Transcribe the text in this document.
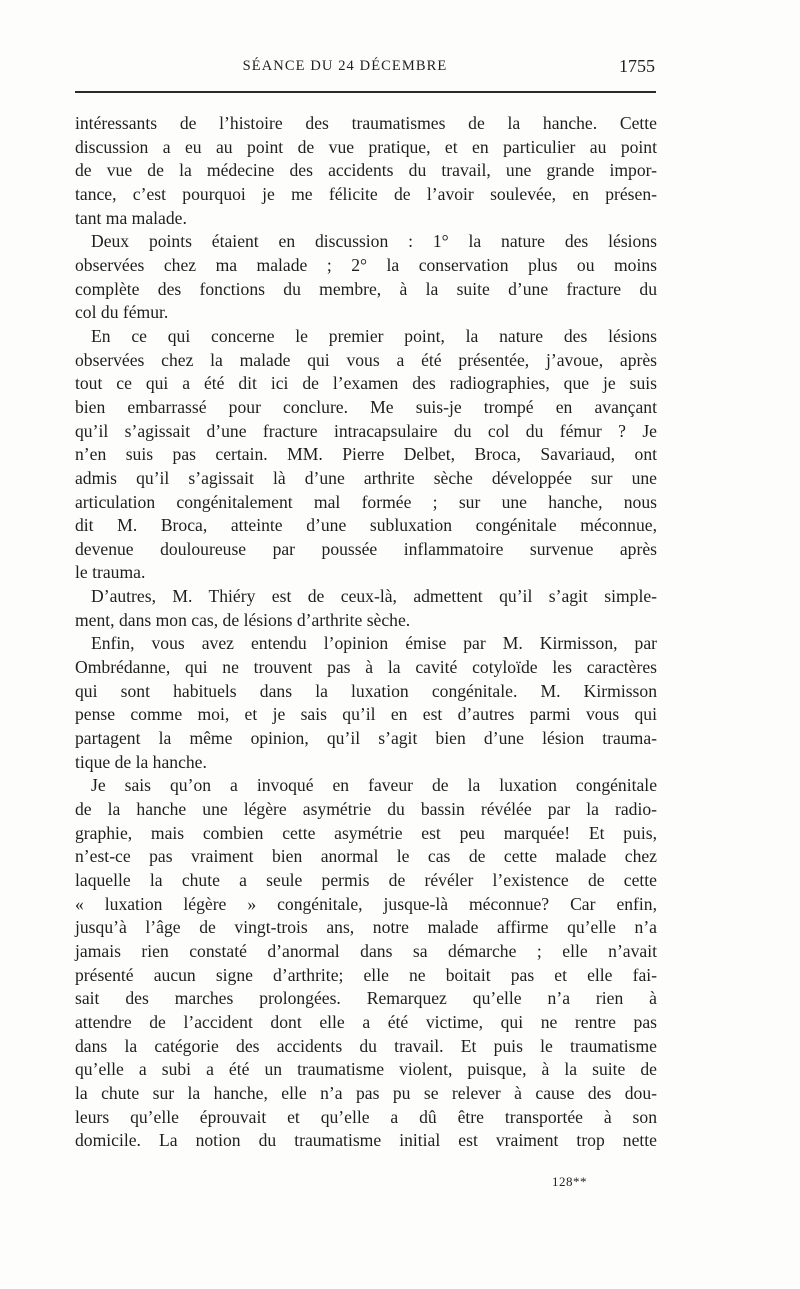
SÉANCE DU 24 DÉCEMBRE	1755
intéressants de l’histoire des traumatismes de la hanche. Cette
discussion a eu au point de vue pratique, et en particulier au point
de vue de la médecine des accidents du travail, une grande impor-
tance, c’est pourquoi je me félicite de l’avoir soulevée, en présen-
tant ma malade.
Deux points étaient en discussion : 1° la nature des lésions
observées chez ma malade ; 2° la conservation plus ou moins
complète des fonctions du membre, à la suite d’une fracture du
col du fémur.
En ce qui concerne le premier point, la nature des lésions
observées chez la malade qui vous a été présentée, j’avoue, après
tout ce qui a été dit ici de l’examen des radiographies, que je suis
bien embarrassé pour conclure. Me suis-je trompé en avançant
qu’il s’agissait d’une fracture intracapsulaire du col du fémur ? Je
n’en suis pas certain. MM. Pierre Delbet, Broca, Savariaud, ont
admis qu’il s’agissait là d’une arthrite sèche développée sur une
articulation congénitalement mal formée ; sur une hanche, nous
dit M. Broca, atteinte d’une subluxation congénitale méconnue,
devenue douloureuse par poussée inflammatoire survenue après
le trauma.
D’autres, M. Thiéry est de ceux-là, admettent qu’il s’agit simple-
ment, dans mon cas, de lésions d’arthrite sèche.
Enfin, vous avez entendu l’opinion émise par M. Kirmisson, par
Ombrédanne, qui ne trouvent pas à la cavité cotyloïde les caractères
qui sont habituels dans la luxation congénitale. M. Kirmisson
pense comme moi, et je sais qu’il en est d’autres parmi vous qui
partagent la même opinion, qu’il s’agit bien d’une lésion trauma-
tique de la hanche.
Je sais qu’on a invoqué en faveur de la luxation congénitale
de la hanche une légère asymétrie du bassin révélée par la radio-
graphie, mais combien cette asymétrie est peu marquée! Et puis,
n’est-ce pas vraiment bien anormal le cas de cette malade chez
laquelle la chute a seule permis de révéler l’existence de cette
« luxation légère » congénitale, jusque-là méconnue? Car enfin,
jusqu’à l’âge de vingt-trois ans, notre malade affirme qu’elle n’a
jamais rien constaté d’anormal dans sa démarche ; elle n’avait
présenté aucun signe d’arthrite; elle ne boitait pas et elle fai-
sait des marches prolongées. Remarquez qu’elle n’a rien à
attendre de l’accident dont elle a été victime, qui ne rentre pas
dans la catégorie des accidents du travail. Et puis le traumatisme
qu’elle a subi a été un traumatisme violent, puisque, à la suite de
la chute sur la hanche, elle n’a pas pu se relever à cause des dou-
leurs qu’elle éprouvait et qu’elle a dû être transportée à son
domicile. La notion du traumatisme initial est vraiment trop nette
128**
